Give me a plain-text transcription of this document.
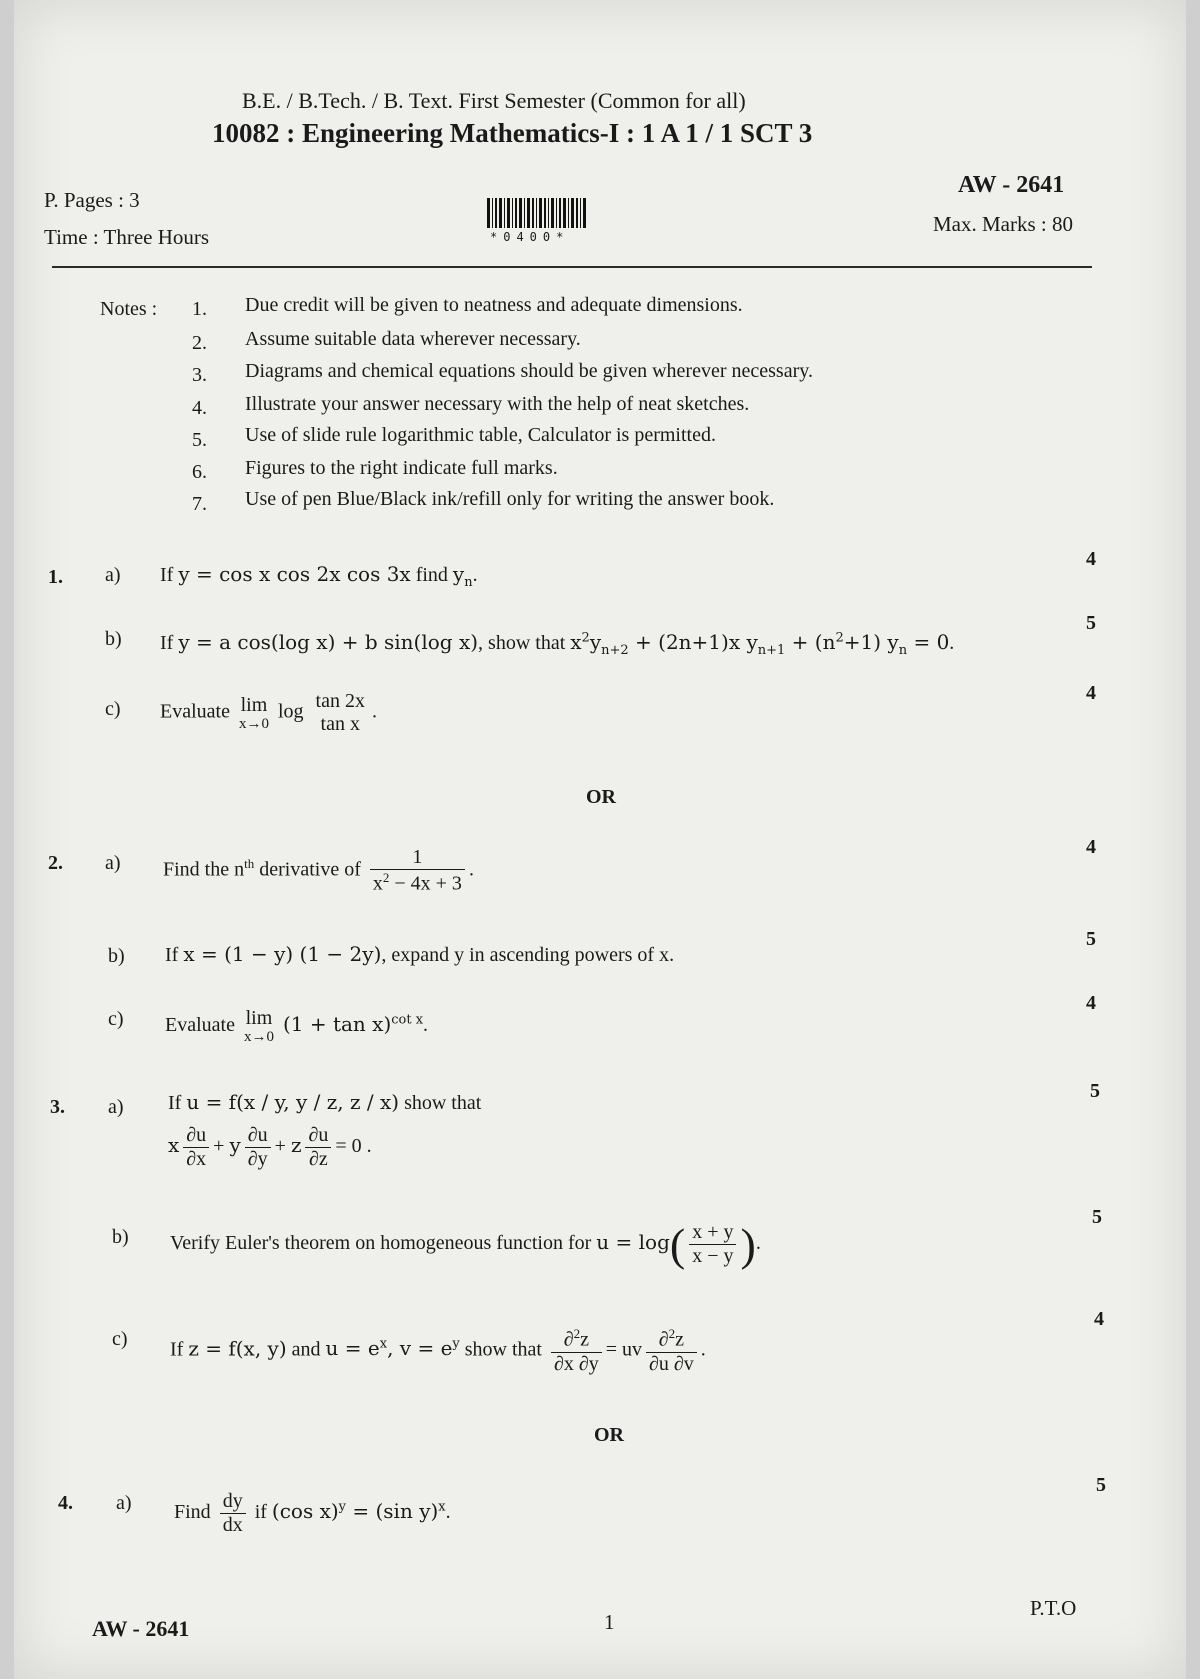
B.E. / B.Tech. / B. Text. First Semester (Common for all)
10082 : Engineering Mathematics-I : 1 A 1 / 1 SCT 3
P. Pages : 3
Time : Three Hours
AW - 2641
Max. Marks : 80
*0400*
Notes : 1. Due credit will be given to neatness and adequate dimensions.
2. Assume suitable data wherever necessary.
3. Diagrams and chemical equations should be given wherever necessary.
4. Illustrate your answer necessary with the help of neat sketches.
5. Use of slide rule logarithmic table, Calculator is permitted.
6. Figures to the right indicate full marks.
7. Use of pen Blue/Black ink/refill only for writing the answer book.
1. a) If y = cos x cos 2x cos 3x find $y_n$.
4
b) If y = a cos(log x) + b sin(log x), show that $x^2y_{n+2} + (2n+1)x$ $y_{n+1} + (n^2+1) y_n = 0$.
5
c) Evaluate lim
x→0
log tan 2x
tan x
.
4
OR
2. a) Find the $n^{th}$ derivative of $\frac{1}{x^2 - 4x + 3}$ .
4
b) If x = (1 − y) (1 − 2y), expand y in ascending powers of x.
5
c) Evaluate lim
x→0
$(1 + \tan x)^{cot x}$.
4
3. a) If u = f(x / y, y / z, z / x) show that
x $\frac{\partial u}{\partial x} + y \frac{\partial u}{\partial y} + z \frac{\partial u}{\partial z} = 0$ .
5
b) Verify Euler's theorem on homogeneous function for $u = \log( \frac{x + y}{x - y}$ ).
5
c) If z = f(x, y) and $u = e^x$, $v = e^y$ show that $\frac{\partial^2z}{\partial x \partial y}$ = uv $\frac{\partial^2z}{\partial u \partial v}$ .
4
OR
4. a) Find $\frac{dy}{dx}$ if (cos x)$^y$ = (sin y)$^x$.
5
AW - 2641	1
P.T.O
